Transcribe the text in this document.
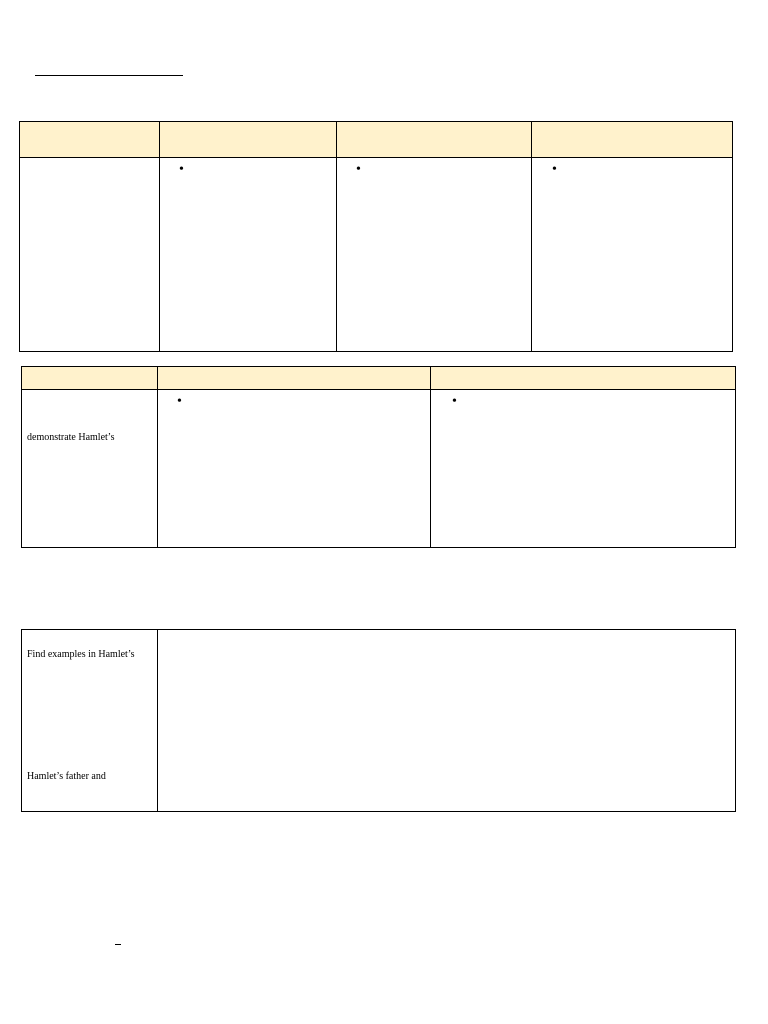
	•	•	•

demonstrate Hamlet’s	•	•
Find examples in Hamlet’s
Hamlet’s father and
